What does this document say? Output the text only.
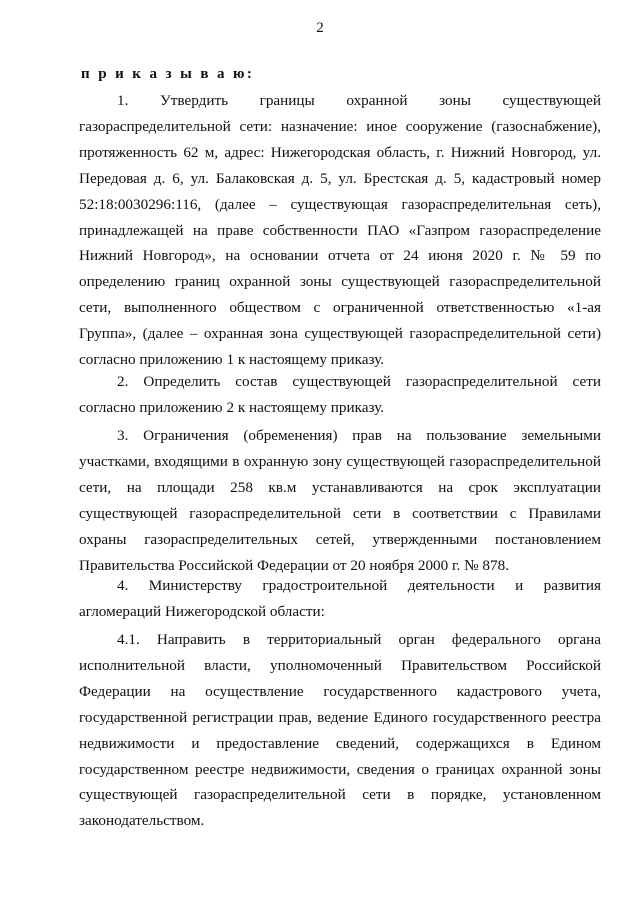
2
п р и к а з ы в а ю:

1. Утвердить границы охранной зоны существующей газораспределительной сети: назначение: иное сооружение (газоснабжение), протяженность 62 м, адрес: Нижегородская область, г. Нижний Новгород, ул. Передовая д. 6, ул. Балаковская д. 5, ул. Брестская д. 5, кадастровый номер 52:18:0030296:116, (далее – существующая газораспределительная сеть), принадлежащей на праве собственности ПАО «Газпром газораспределение Нижний Новгород», на основании отчета от 24 июня 2020 г. № 59 по определению границ охранной зоны существующей газораспределительной сети, выполненного обществом с ограниченной ответственностью «1-ая Группа», (далее – охранная зона существующей газораспределительной сети) согласно приложению 1 к настоящему приказу.

2. Определить состав существующей газораспределительной сети согласно приложению 2 к настоящему приказу.

3. Ограничения (обременения) прав на пользование земельными участками, входящими в охранную зону существующей газораспределительной сети, на площади 258 кв.м устанавливаются на срок эксплуатации существующей газораспределительной сети в соответствии с Правилами охраны газораспределительных сетей, утвержденными постановлением Правительства Российской Федерации от 20 ноября 2000 г. № 878.

4. Министерству градостроительной деятельности и развития агломераций Нижегородской области:

4.1. Направить в территориальный орган федерального органа исполнительной власти, уполномоченный Правительством Российской Федерации на осуществление государственного кадастрового учета, государственной регистрации прав, ведение Единого государственного реестра недвижимости и предоставление сведений, содержащихся в Едином государственном реестре недвижимости, сведения о границах охранной зоны существующей газораспределительной сети в порядке, установленном законодательством.
